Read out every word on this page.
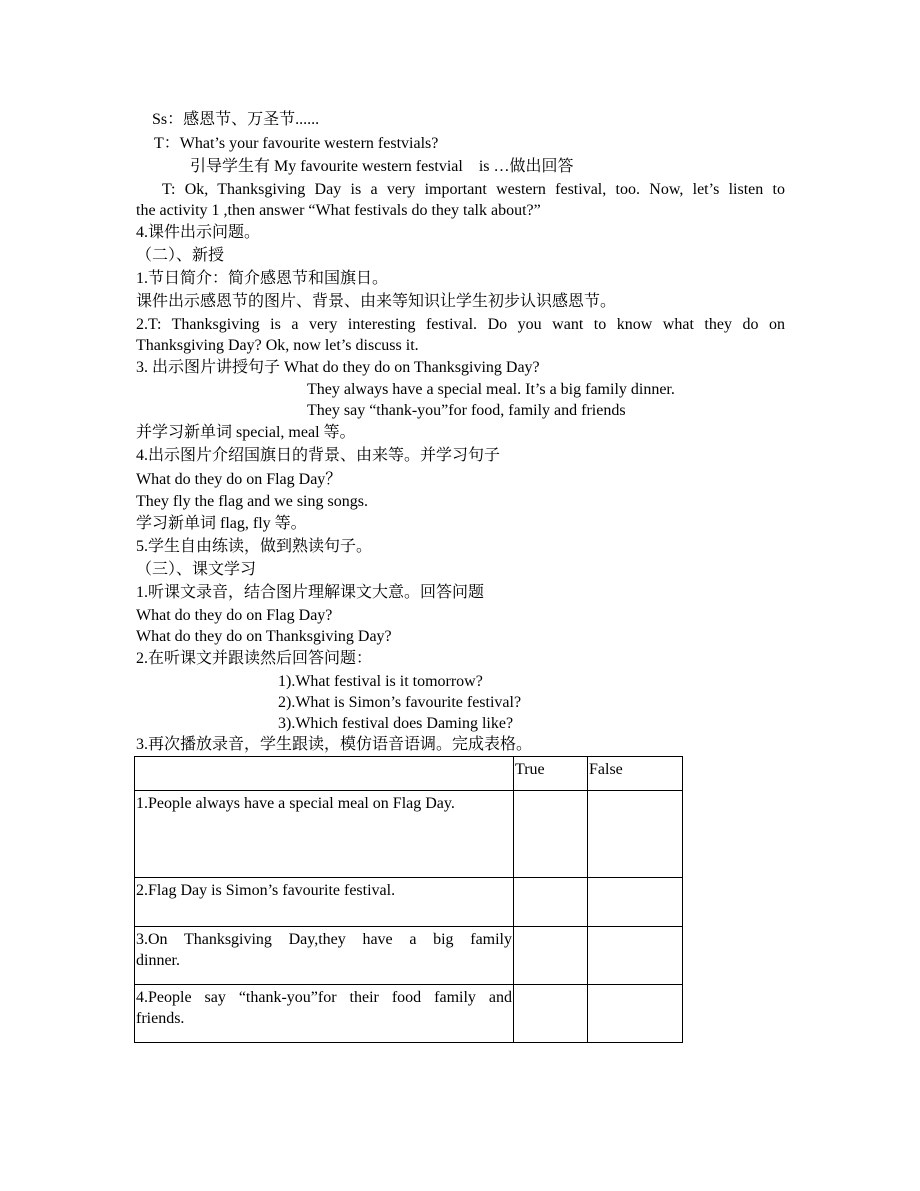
Ss：感恩节、万圣节......
T：What’s your favourite western festvials?
引导学生有 My favourite western festvial　is …做出回答
T: Ok, Thanksgiving Day is a very important western festival, too. Now, let’s listen to
the activity 1 ,then answer “What festivals do they talk about?”
4.课件出示问题。
（二）、新授
1.节日简介：简介感恩节和国旗日。
课件出示感恩节的图片、背景、由来等知识让学生初步认识感恩节。
2.T: Thanksgiving is a very interesting festival. Do you want to know what they do on
Thanksgiving Day? Ok, now let’s discuss it.
3. 出示图片讲授句子 What do they do on Thanksgiving Day?
They always have a special meal. It’s a big family dinner.
They say “thank-you”for food, family and friends
并学习新单词 special, meal 等。
4.出示图片介绍国旗日的背景、由来等。并学习句子
What do they do on Flag Day？
They fly the flag and we sing songs.
学习新单词 flag, fly 等。
5.学生自由练读，做到熟读句子。
（三）、课文学习
1.听课文录音，结合图片理解课文大意。回答问题
What do they do on Flag Day?
What do they do on Thanksgiving Day?
2.在听课文并跟读然后回答问题：
1).What festival is it tomorrow?
2).What is Simon’s favourite festival?
3).Which festival does Daming like?
3.再次播放录音，学生跟读，模仿语音语调。完成表格。
	True	False

1.People always have a special meal on Flag Day.		

2.Flag Day is Simon’s favourite festival.		

3.On Thanksgiving Day,they have a big family
dinner.		

4.People say “thank-you”for their food family and
friends.		
